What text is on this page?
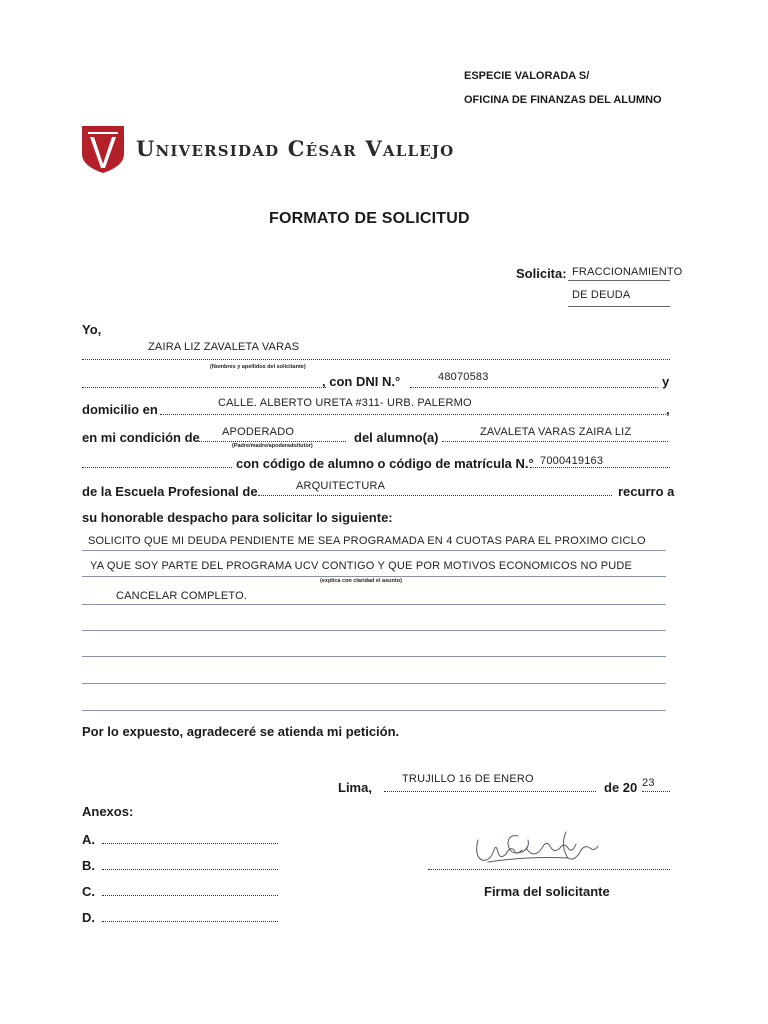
ESPECIE VALORADA S/
OFICINA DE FINANZAS DEL ALUMNO
Universidad César Vallejo
FORMATO DE SOLICITUD
Solicita: FRACCIONAMIENTO
DE DEUDA
Yo,
ZAIRA LIZ ZAVALETA VARAS
(Nombres y apellidos del solicitante)
, con DNI N.°	48070583	y
domicilio en	CALLE. ALBERTO URETA #311- URB. PALERMO	,
en mi condición de APODERADO
(Padre/madre/apoderado/tutor)
del alumno(a)	ZAVALETA VARAS ZAIRA LIZ
con código de alumno o código de matrícula N.° 7000419163
de la Escuela Profesional de	ARQUITECTURA	recurro a
su honorable despacho para solicitar lo siguiente:
SOLICITO QUE MI DEUDA PENDIENTE ME SEA PROGRAMADA EN 4 CUOTAS PARA EL PROXIMO CICLO
YA QUE SOY PARTE DEL PROGRAMA UCV CONTIGO Y QUE POR MOTIVOS ECONOMICOS NO PUDE
(explica con claridad el asunto)
CANCELAR COMPLETO.
Por lo expuesto, agradeceré se atienda mi petición.
Lima,
TRUJILLO 16 DE ENERO
de 20 23
Anexos:
A.
B.
C.
D.
Firma del solicitante
